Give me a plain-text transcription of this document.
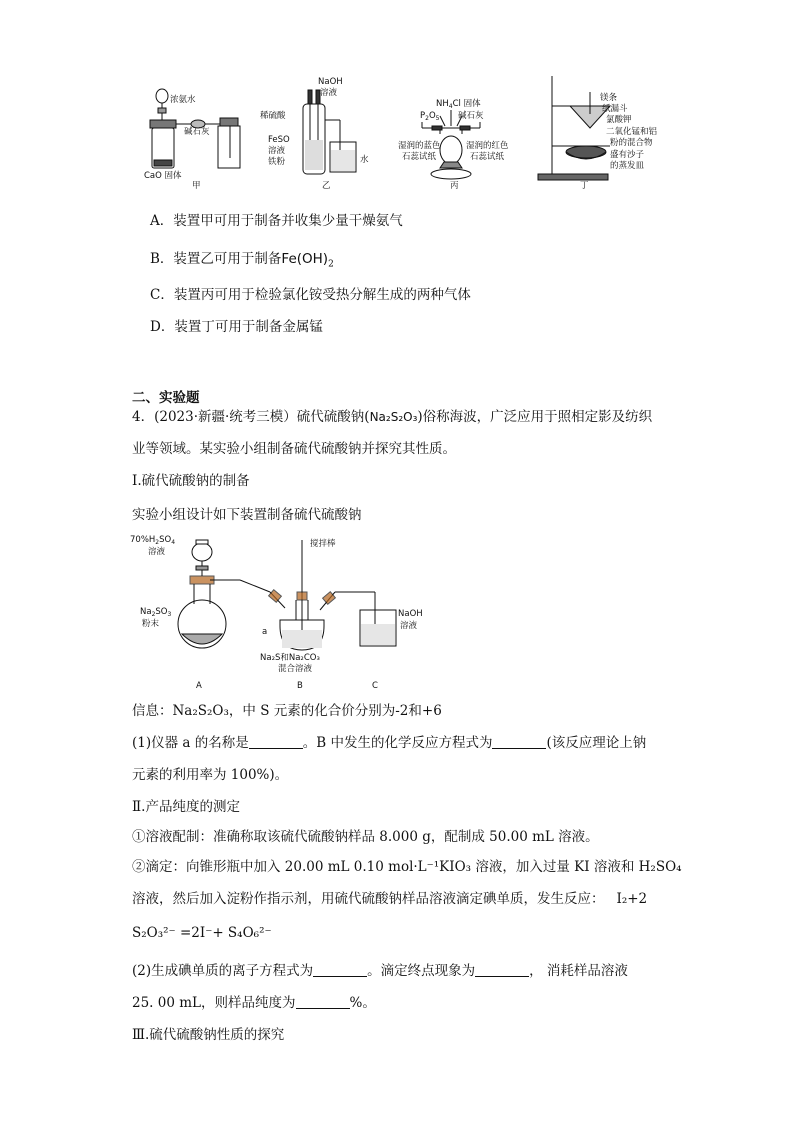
浓氨水
碱石灰
CaO 固体
甲
稀硫酸
NaOH
溶液
FeSO
溶液
铁粉	水
乙
$NH_4Cl$ 固体
$P_2O_5$ 碱石灰
湿润的蓝色
石蕊试纸
湿润的红色
石蕊试纸
丙
镁条
纸漏斗
氯酸钾
二氧化锰和铝
粉的混合物
盛有沙子
的蒸发皿
丁
A．装置甲可用于制备并收集少量干燥氨气
B．装置乙可用于制备$Fe(OH)_2$
C．装置丙可用于检验氯化铵受热分解生成的两种气体
D．装置丁可用于制备金属锰
二、实验题
4．(2023·新疆·统考三模）硫代硫酸钠(Na₂S₂O₃)俗称海波，广泛应用于照相定影及纺织
业等领域。某实验小组制备硫代硫酸钠并探究其性质。
Ⅰ.硫代硫酸钠的制备
实验小组设计如下装置制备硫代硫酸钠
$70\%H_2SO_4$
溶液
$Na_2SO_3$
粉末
搅拌棒
a
Na₂S和Na₂CO₃
混合溶液
NaOH
溶液
A	B	C
信息：Na₂S₂O₃，中 S 元素的化合价分别为-2和+6
(1)仪器 a 的名称是	。B 中发生的化学反应方程式为	(该反应理论上钠
元素的利用率为 100%)。
Ⅱ.产品纯度的测定
①溶液配制：准确称取该硫代硫酸钠样品 8.000 g，配制成 50.00 mL 溶液。
②滴定：向锥形瓶中加入 20.00 mL 0.10 mol·L⁻¹KIO₃ 溶液，加入过量 KI 溶液和 H₂SO₄
溶液，然后加入淀粉作指示剂，用硫代硫酸钠样品溶液滴定碘单质，发生反应： I₂+2
S₂O₃²⁻ =2I⁻+ S₄O₆²⁻
(2)生成碘单质的离子方程式为	。滴定终点现象为	， 消耗样品溶液
25. 00 mL，则样品纯度为	%。
Ⅲ.硫代硫酸钠性质的探究
